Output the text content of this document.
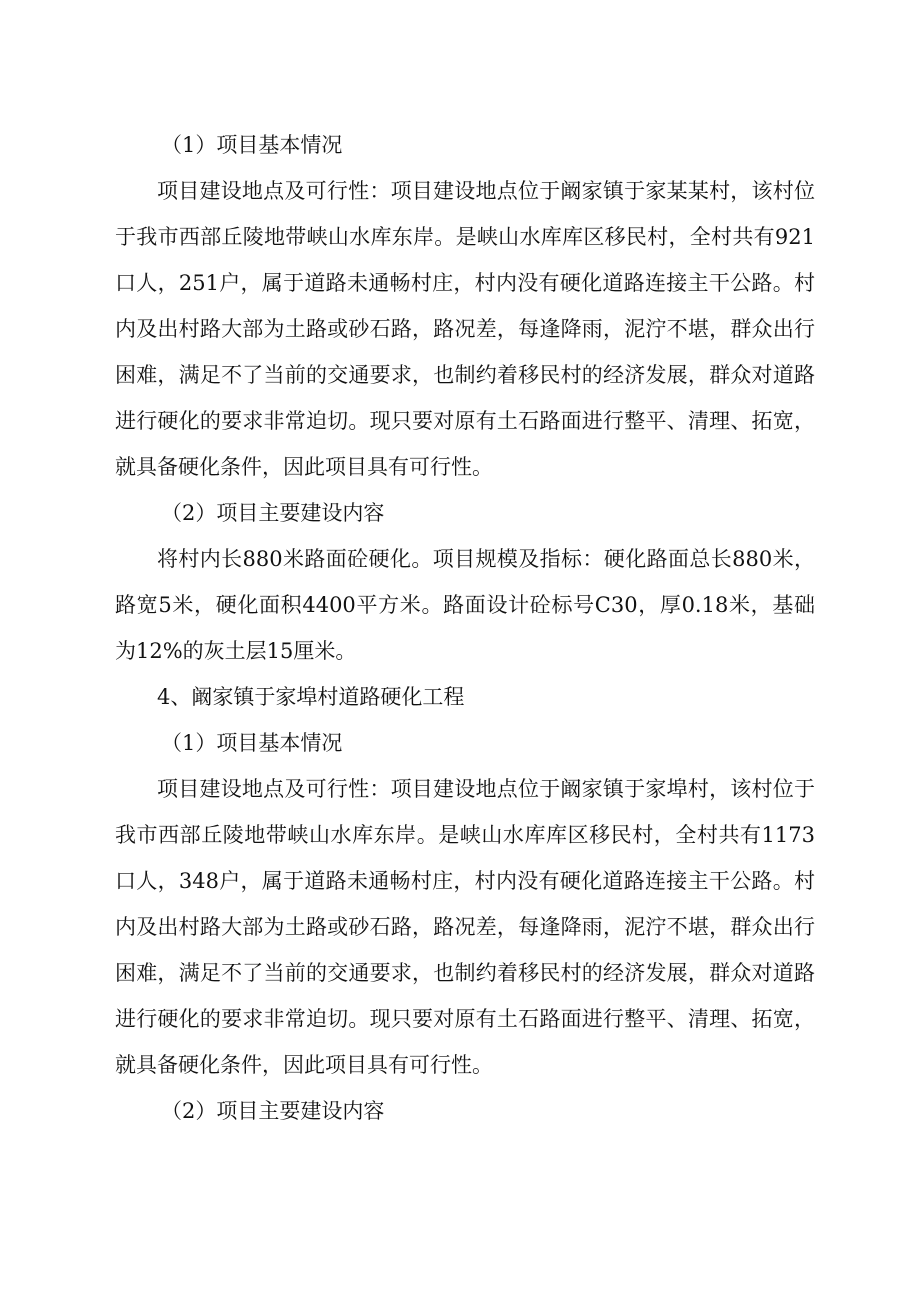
（1）项目基本情况

项目建设地点及可行性：项目建设地点位于阚家镇于家某某村，该村位于我市西部丘陵地带峡山水库东岸。是峡山水库库区移民村，全村共有921口人，251户，属于道路未通畅村庄，村内没有硬化道路连接主干公路。村内及出村路大部为土路或砂石路，路况差，每逢降雨，泥泞不堪，群众出行困难，满足不了当前的交通要求，也制约着移民村的经济发展，群众对道路进行硬化的要求非常迫切。现只要对原有土石路面进行整平、清理、拓宽，就具备硬化条件，因此项目具有可行性。

（2）项目主要建设内容

将村内长880米路面砼硬化。项目规模及指标：硬化路面总长880米，路宽5米，硬化面积4400平方米。路面设计砼标号C30，厚0.18米，基础为12%的灰土层15厘米。

4、阚家镇于家埠村道路硬化工程

（1）项目基本情况

项目建设地点及可行性：项目建设地点位于阚家镇于家埠村，该村位于我市西部丘陵地带峡山水库东岸。是峡山水库库区移民村，全村共有1173口人，348户，属于道路未通畅村庄，村内没有硬化道路连接主干公路。村内及出村路大部为土路或砂石路，路况差，每逢降雨，泥泞不堪，群众出行困难，满足不了当前的交通要求，也制约着移民村的经济发展，群众对道路进行硬化的要求非常迫切。现只要对原有土石路面进行整平、清理、拓宽，就具备硬化条件，因此项目具有可行性。

（2）项目主要建设内容
